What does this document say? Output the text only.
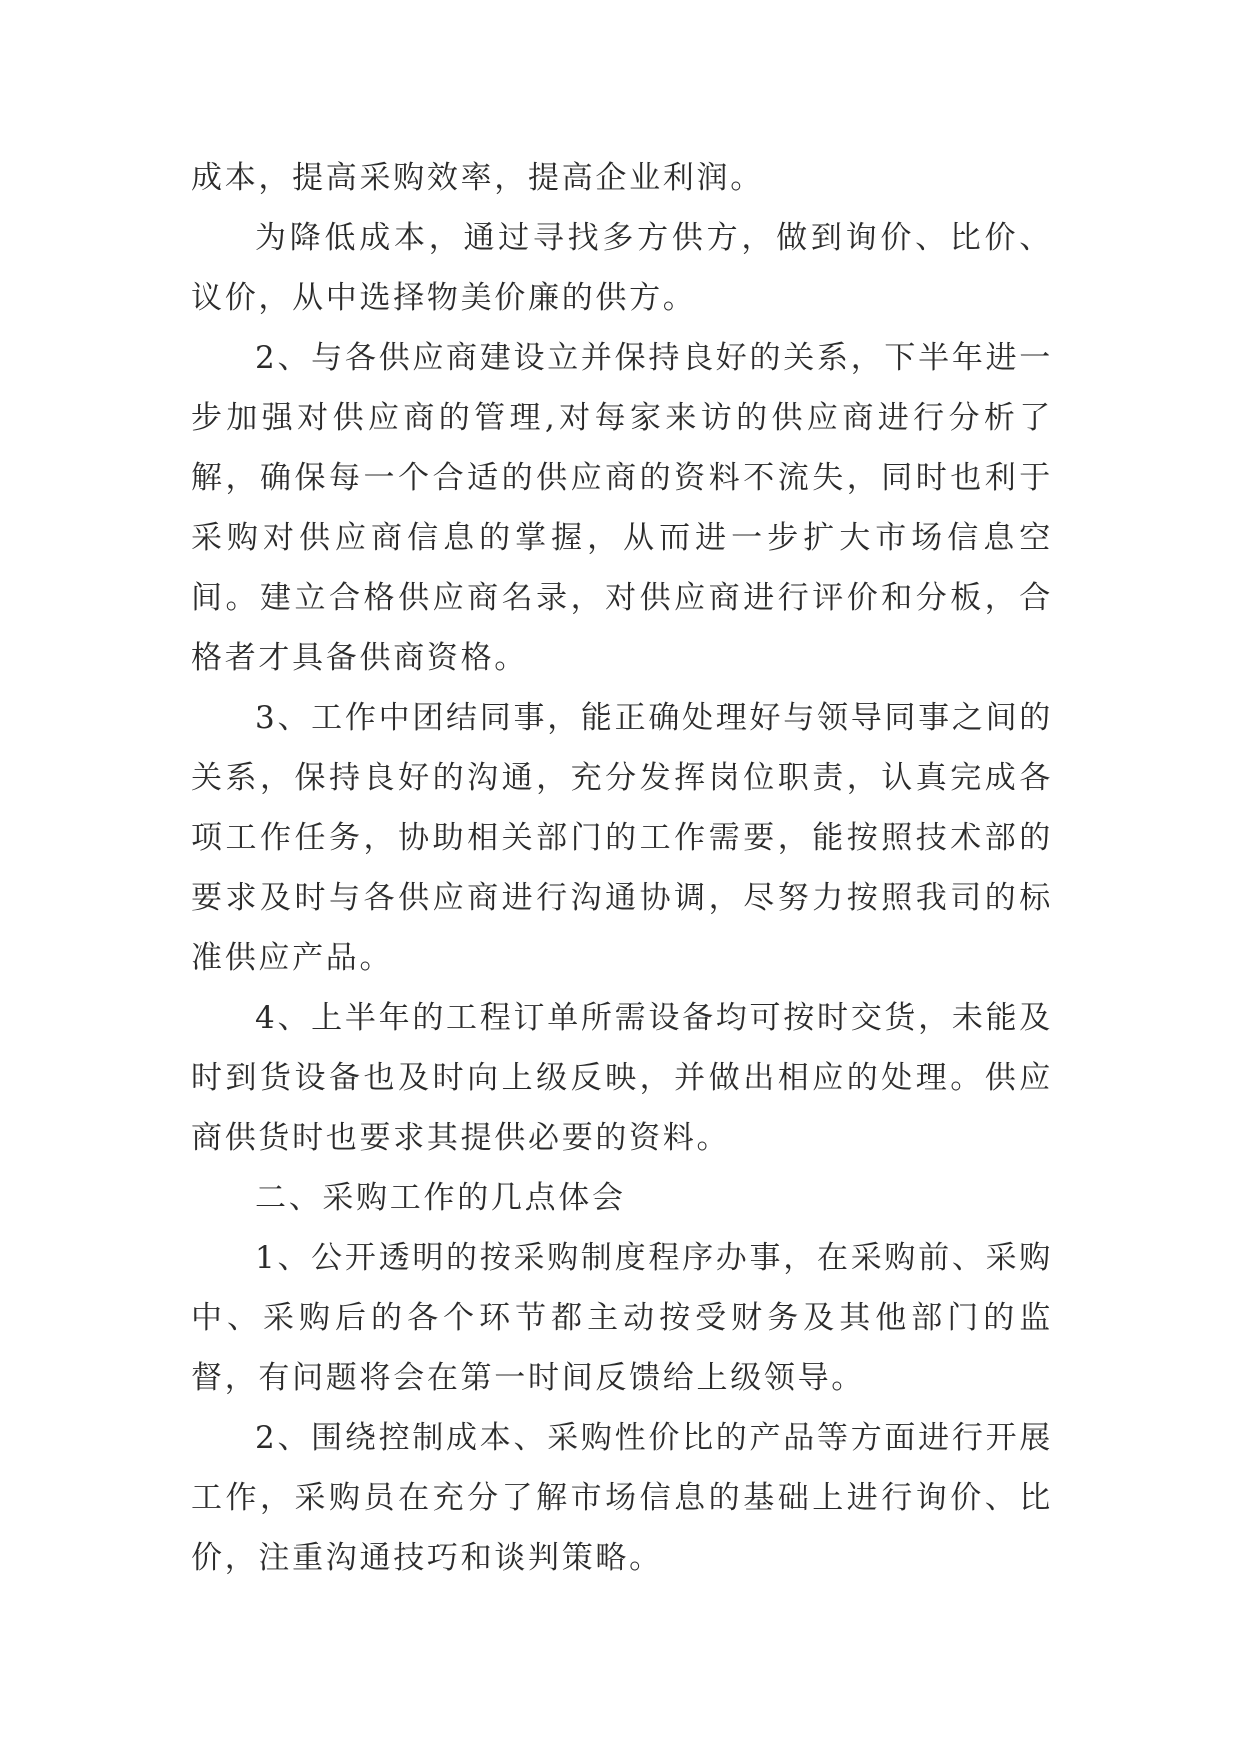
成本，提高采购效率，提高企业利润。

为降低成本，通过寻找多方供方，做到询价、比价、议价，从中选择物美价廉的供方。

2、与各供应商建设立并保持良好的关系，下半年进一步加强对供应商的管理,对每家来访的供应商进行分析了解，确保每一个合适的供应商的资料不流失，同时也利于采购对供应商信息的掌握，从而进一步扩大市场信息空间。建立合格供应商名录，对供应商进行评价和分板，合格者才具备供商资格。

3、工作中团结同事，能正确处理好与领导同事之间的关系，保持良好的沟通，充分发挥岗位职责，认真完成各项工作任务，协助相关部门的工作需要，能按照技术部的要求及时与各供应商进行沟通协调，尽努力按照我司的标准供应产品。

4、上半年的工程订单所需设备均可按时交货，未能及时到货设备也及时向上级反映，并做出相应的处理。供应商供货时也要求其提供必要的资料。

二、采购工作的几点体会

1、公开透明的按采购制度程序办事，在采购前、采购中、采购后的各个环节都主动按受财务及其他部门的监督，有问题将会在第一时间反馈给上级领导。

2、围绕控制成本、采购性价比的产品等方面进行开展工作，采购员在充分了解市场信息的基础上进行询价、比价，注重沟通技巧和谈判策略。
